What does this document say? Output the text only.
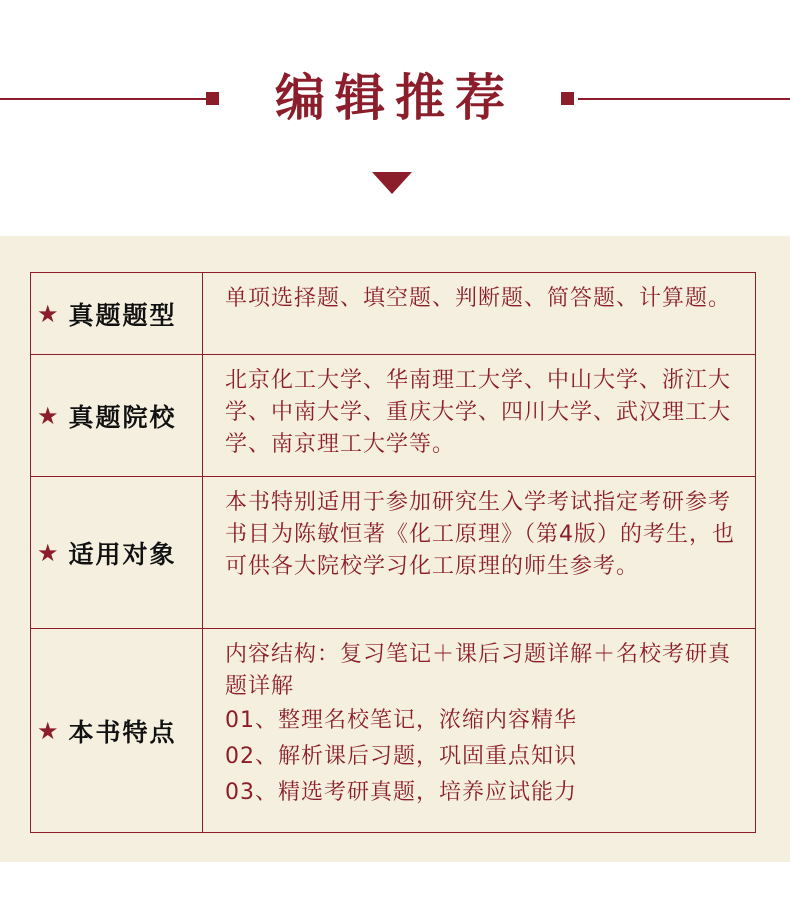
编辑推荐
★ 真题题型

单项选择题、填空题、判断题、简答题、计算题。

★ 真题院校

北京化工大学、华南理工大学、中山大学、浙江大学、中南大学、重庆大学、四川大学、武汉理工大学、南京理工大学等。

★ 适用对象

本书特别适用于参加研究生入学考试指定考研参考书目为陈敏恒著《化工原理》（第4版）的考生，也可供各大院校学习化工原理的师生参考。

★ 本书特点

内容结构：复习笔记＋课后习题详解＋名校考研真题详解

01、整理名校笔记，浓缩内容精华

02、解析课后习题，巩固重点知识

03、精选考研真题，培养应试能力
